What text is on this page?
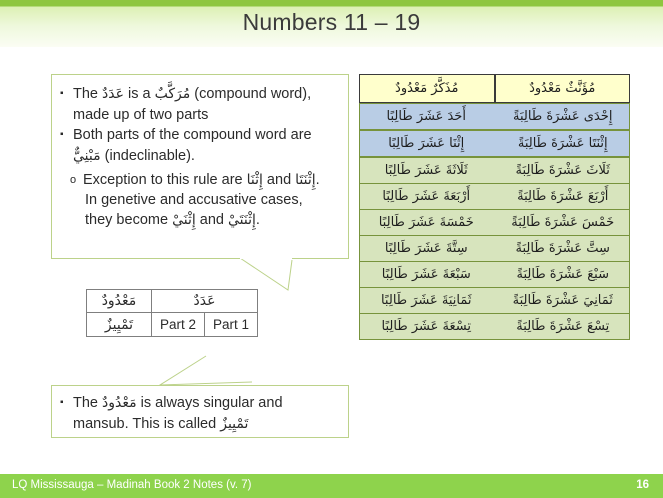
Numbers 11 – 19
▪ The عَدَدٌ is a مُرَكَّبٌ (compound word),
made up of two parts
▪ Both parts of the compound word are
مَبْنِيٌّ (indeclinable).
o Exception to this rule are إِثْنَا and إِثْنَتَا.
In genetive and accusative cases,
they become إِثْنَيْ and إِثْنَتَيْ.
مَعْدُودٌ	عَدَدٌ	
تَمْيِيزٌ	Part 2	Part 1
▪ The مَعْدُودٌ is always singular and
mansub. This is called تَمْيِيزٌ
مُذَكَّرٌ مَعْدُودٌ	مُؤَنَّثٌ مَعْدُودٌ
أَحَدَ عَشَرَ طَالِبًا	إِحْدَى عَشْرَةَ طَالِبَةً
إِثْنَا عَشَرَ طَالِبًا	إِثْنَتَا عَشْرَةَ طَالِبَةً
ثَلَاثَةَ عَشَرَ طَالِبًا	ثَلَاثَ عَشْرَةَ طَالِبَةً
أَرْبَعَةَ عَشَرَ طَالِبًا	أَرْبَعَ عَشْرَةَ طَالِبَةً
خَمْسَةَ عَشَرَ طَالِبًا	خَمْسَ عَشْرَةَ طَالِبَةً
سِتَّةَ عَشَرَ طَالِبًا	سِتَّ عَشْرَةَ طَالِبَةً
سَبْعَةَ عَشَرَ طَالِبًا	سَبْعَ عَشْرَةَ طَالِبَةً
ثَمَانِيَةَ عَشَرَ طَالِبًا	ثَمَانِيَ عَشْرَةَ طَالِبَةً
تِسْعَةَ عَشَرَ طَالِبًا	تِسْعَ عَشْرَةَ طَالِبَةً
LQ Mississauga – Madinah Book 2 Notes (v. 7)	16
